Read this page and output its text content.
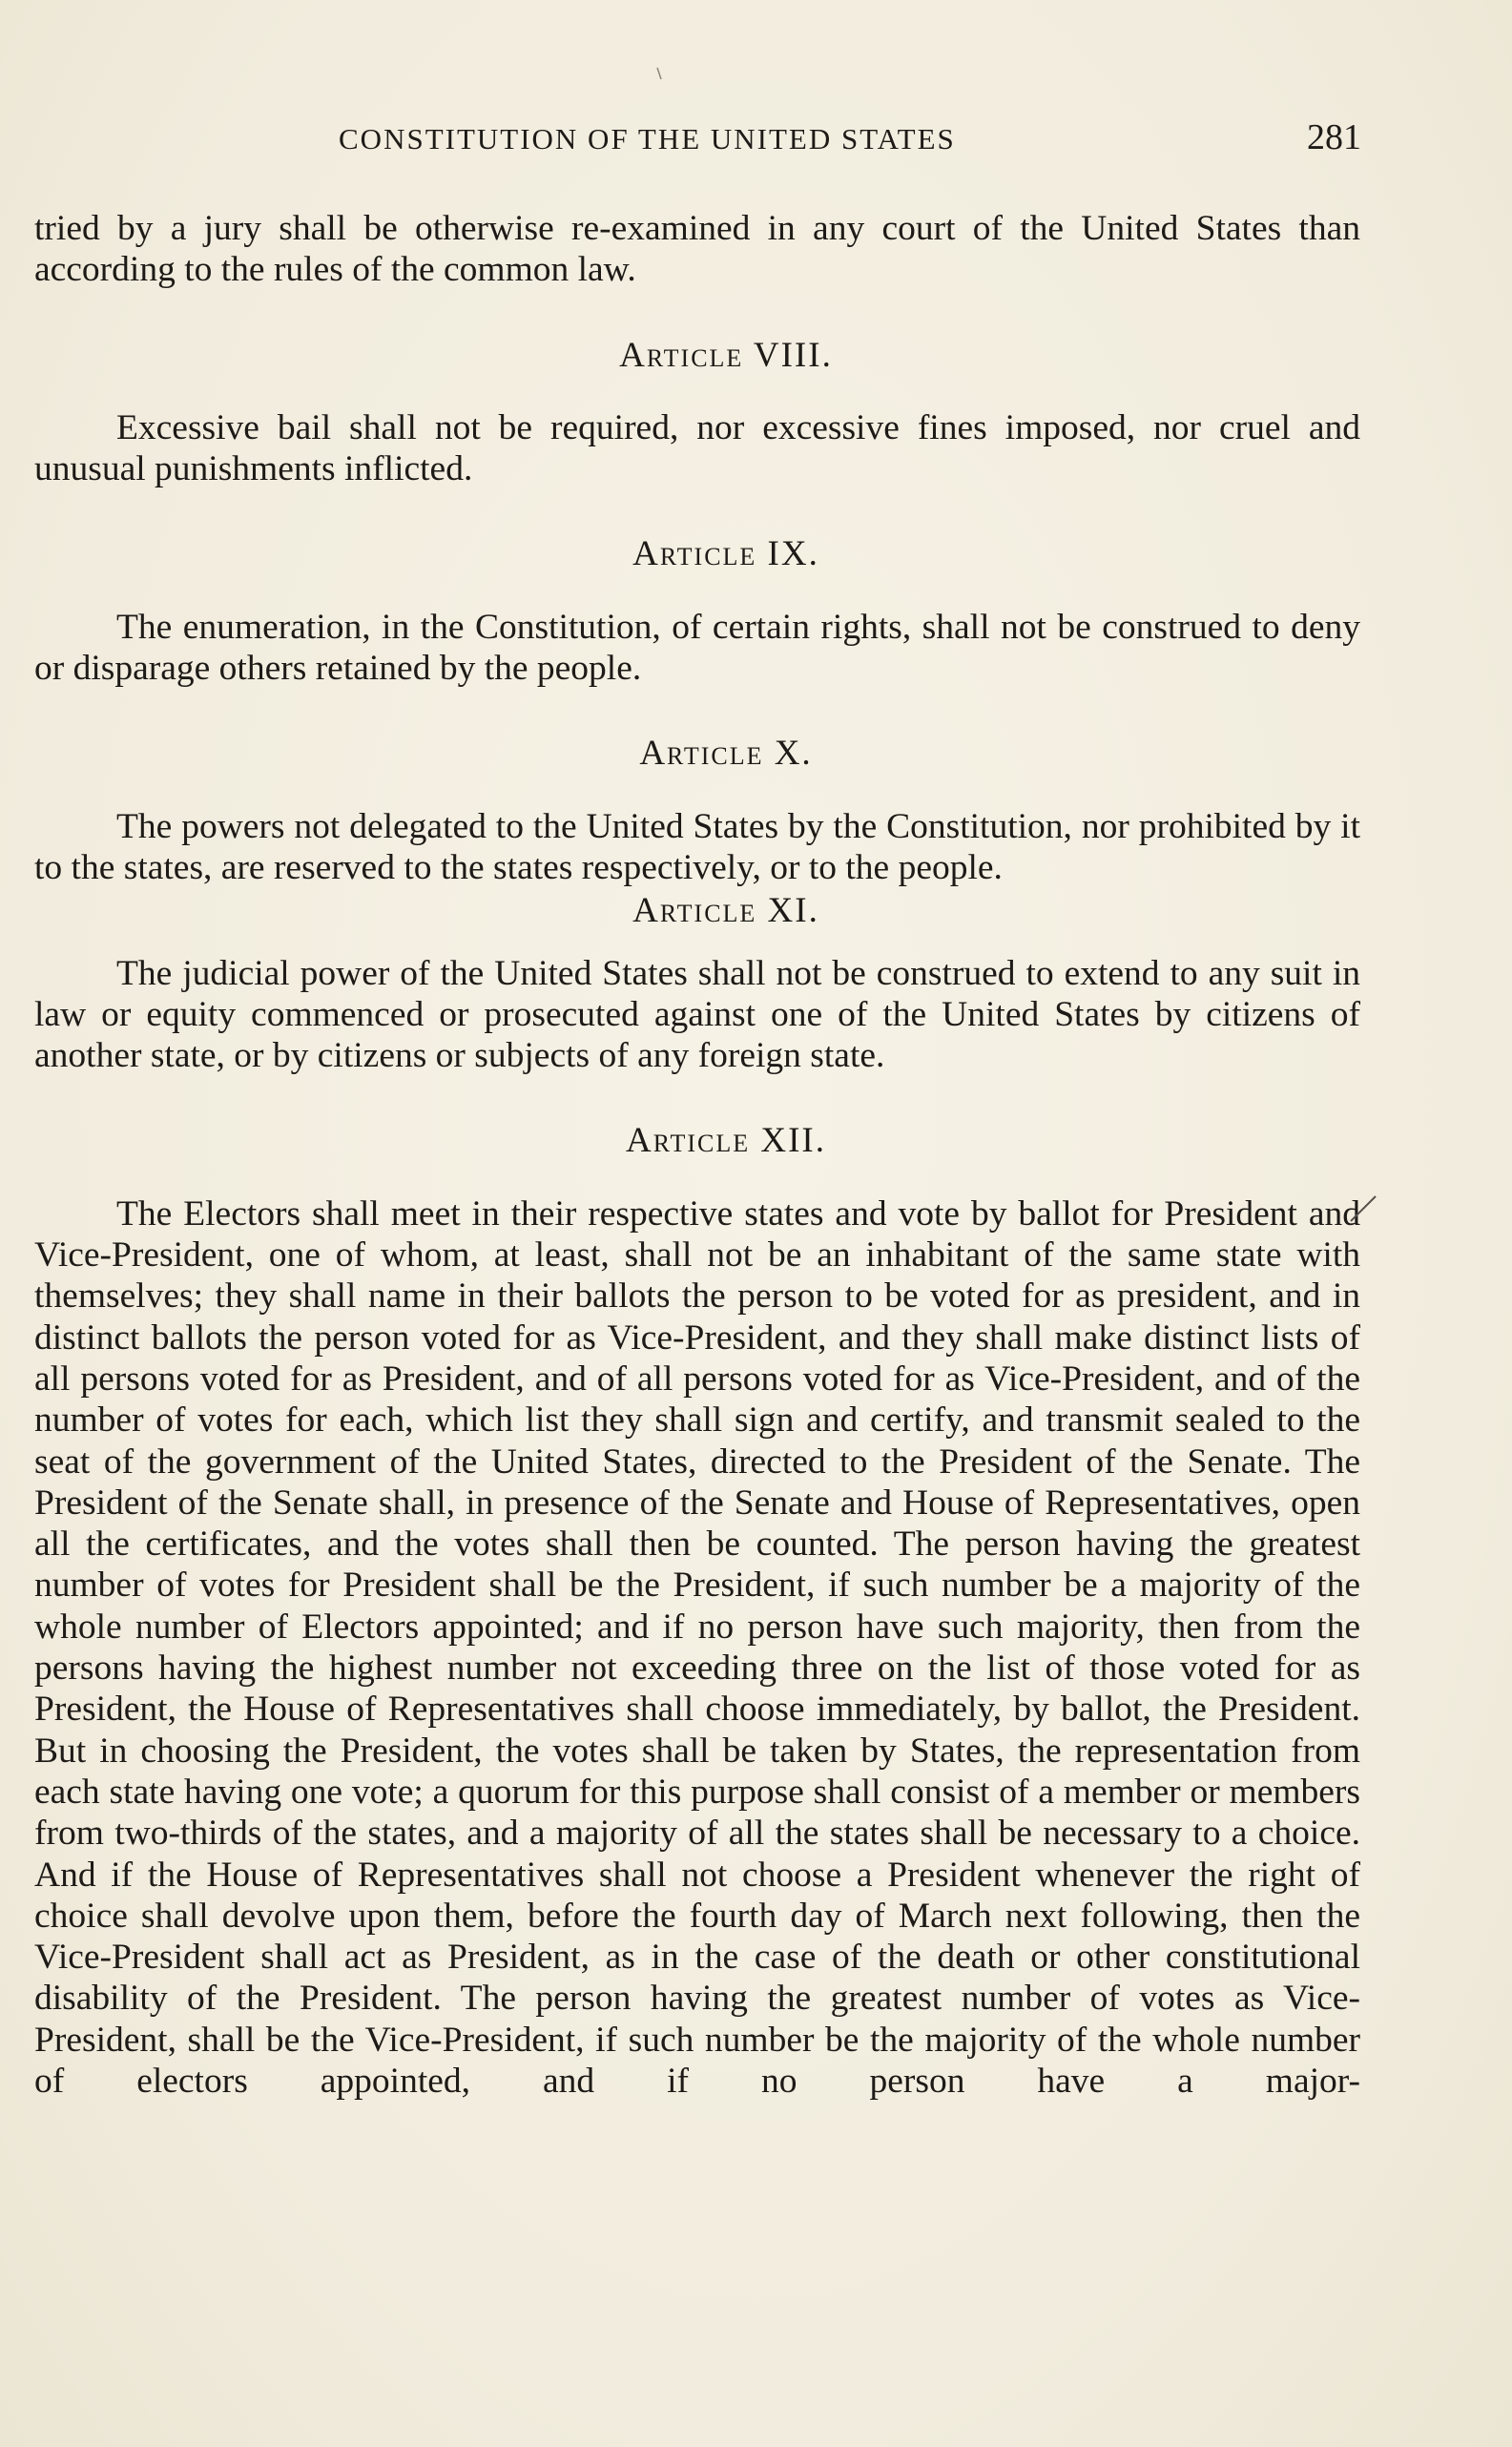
CONSTITUTION OF THE UNITED STATES	281

tried by a jury shall be otherwise re-examined in any court of the United States than according to the rules of the common law.

Article VIII.

Excessive bail shall not be required, nor excessive fines imposed, nor cruel and unusual punishments inflicted.

Article IX.

The enumeration, in the Constitution, of certain rights, shall not be construed to deny or disparage others retained by the people.

Article X.

The powers not delegated to the United States by the Constitution, nor prohibited by it to the states, are reserved to the states respectively, or to the people.

Article XI.

The judicial power of the United States shall not be construed to extend to any suit in law or equity commenced or prosecuted against one of the United States by citizens of another state, or by citizens or subjects of any foreign state.

Article XII.

The Electors shall meet in their respective states and vote by ballot for President and Vice-President, one of whom, at least, shall not be an inhabitant of the same state with themselves; they shall name in their ballots the person to be voted for as president, and in distinct ballots the person voted for as Vice-President, and they shall make distinct lists of all persons voted for as President, and of all persons voted for as Vice-President, and of the number of votes for each, which list they shall sign and certify, and transmit sealed to the seat of the government of the United States, directed to the President of the Senate. The President of the Senate shall, in presence of the Senate and House of Representatives, open all the certificates, and the votes shall then be counted. The person having the greatest number of votes for President shall be the President, if such number be a majority of the whole number of Electors appointed; and if no person have such majority, then from the persons having the highest number not exceeding three on the list of those voted for as President, the House of Representatives shall choose immediately, by ballot, the President. But in choosing the President, the votes shall be taken by States, the representation from each state having one vote; a quorum for this purpose shall consist of a member or members from two-thirds of the states, and a majority of all the states shall be necessary to a choice. And if the House of Representatives shall not choose a President whenever the right of choice shall devolve upon them, before the fourth day of March next following, then the Vice-President shall act as President, as in the case of the death or other constitutional disability of the President. The person having the greatest number of votes as Vice-President, shall be the Vice-President, if such number be the majority of the whole number of electors appointed, and if no person have a major-
